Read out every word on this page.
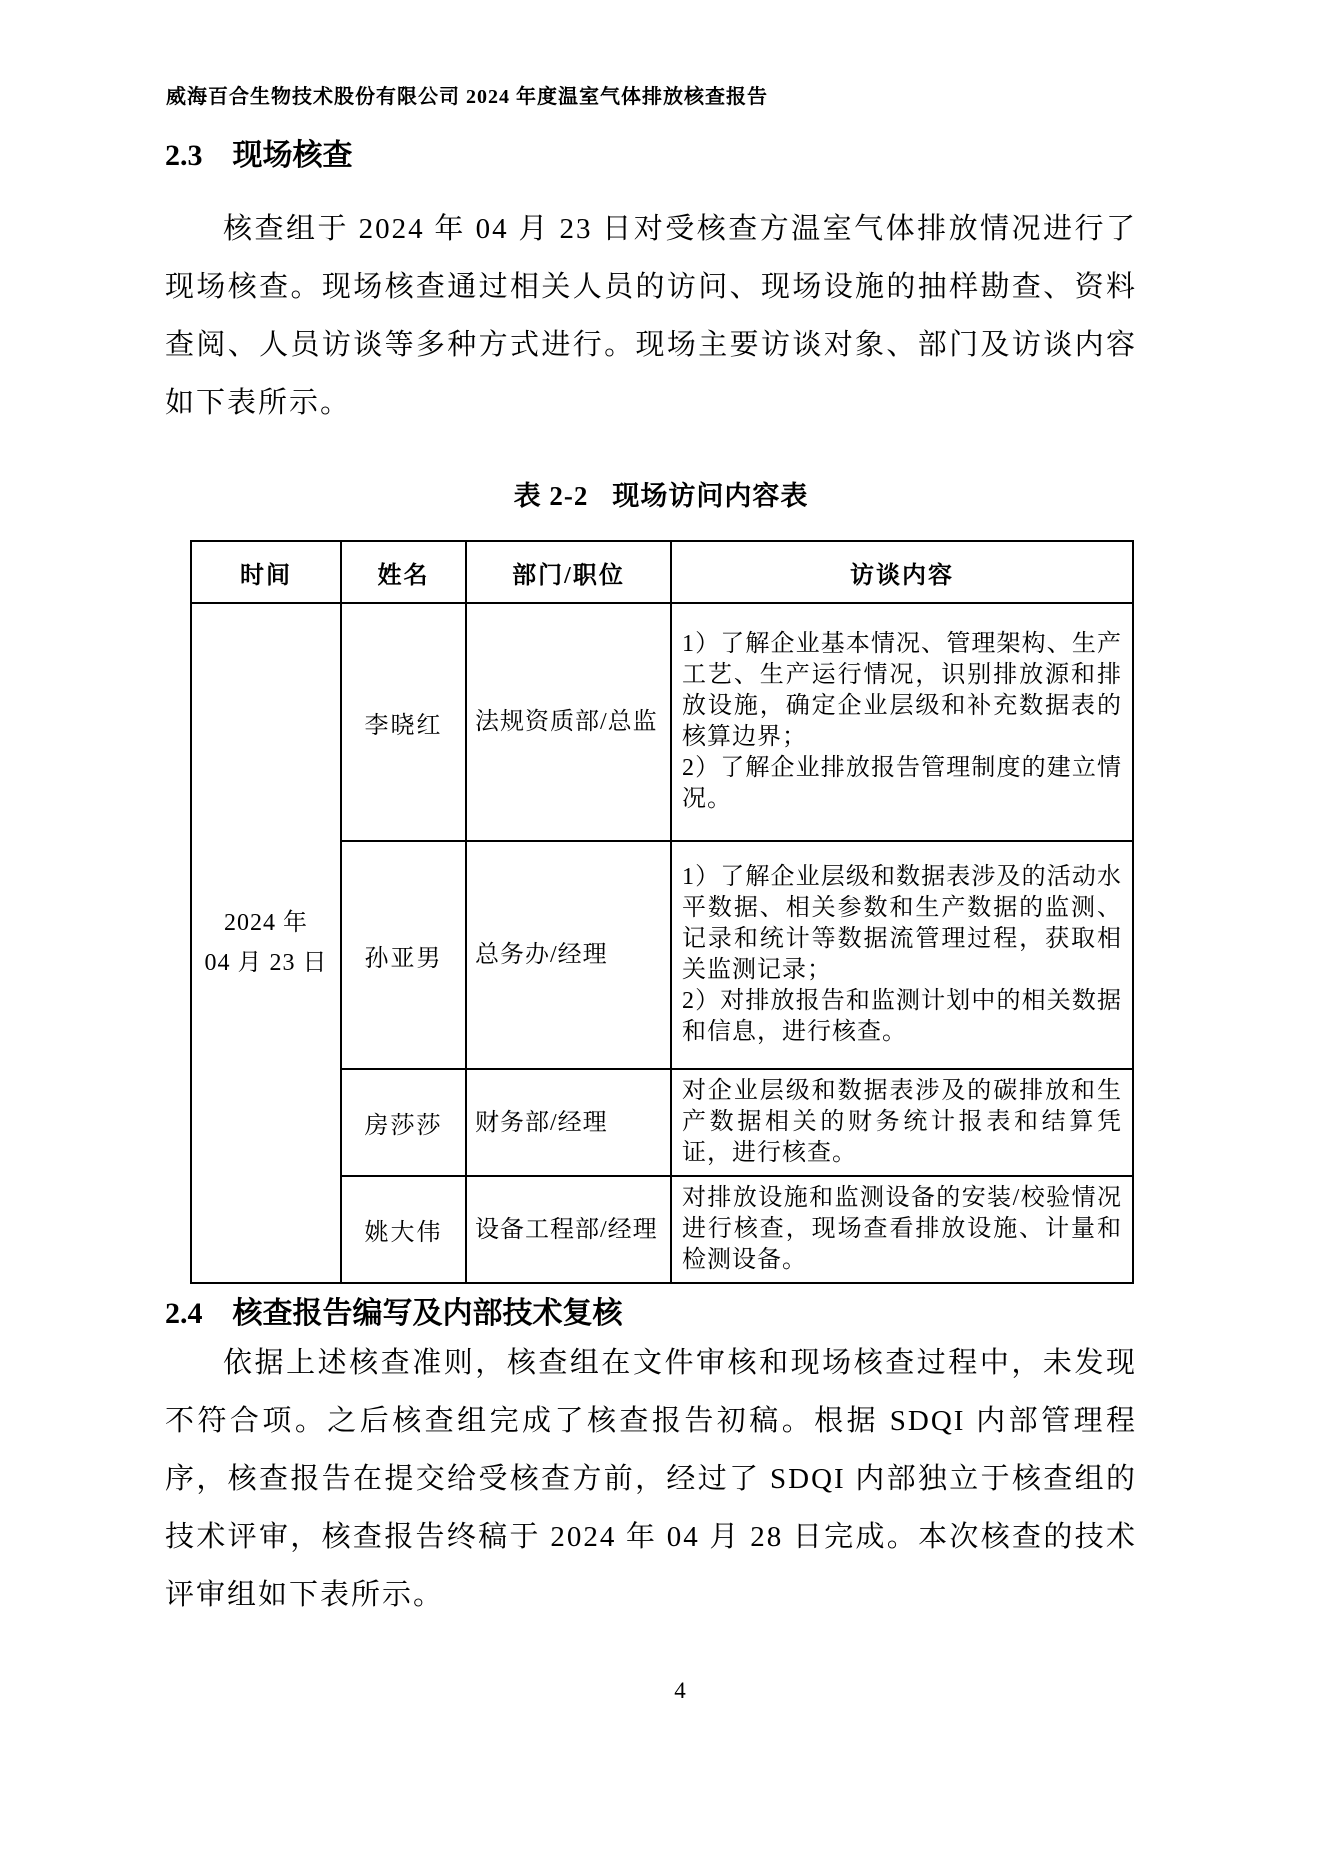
威海百合生物技术股份有限公司 2024 年度温室气体排放核查报告
2.3 现场核查

核查组于 2024 年 04 月 23 日对受核查方温室气体排放情况进行了现场核查。现场核查通过相关人员的访问、现场设施的抽样勘查、资料查阅、人员访谈等多种方式进行。现场主要访谈对象、部门及访谈内容如下表所示。

表 2-2 现场访问内容表
时间	姓名	部门/职位	访谈内容

2024 年
04 月 23 日
	李晓红	法规资质部/总监	1）了解企业基本情况、管理架构、生产工艺、生产运行情况，识别排放源和排放设施，确定企业层级和补充数据表的核算边界；
2）了解企业排放报告管理制度的建立情况。
	孙亚男	总务办/经理	1）了解企业层级和数据表涉及的活动水平数据、相关参数和生产数据的监测、记录和统计等数据流管理过程，获取相关监测记录；
2）对排放报告和监测计划中的相关数据和信息，进行核查。
	房莎莎	财务部/经理	对企业层级和数据表涉及的碳排放和生产数据相关的财务统计报表和结算凭证，进行核查。
	姚大伟	设备工程部/经理	对排放设施和监测设备的安装/校验情况进行核查，现场查看排放设施、计量和检测设备。
2.4 核查报告编写及内部技术复核

依据上述核查准则，核查组在文件审核和现场核查过程中，未发现不符合项。之后核查组完成了核查报告初稿。根据 SDQI 内部管理程序，核查报告在提交给受核查方前，经过了 SDQI 内部独立于核查组的技术评审，核查报告终稿于 2024 年 04 月 28 日完成。本次核查的技术评审组如下表所示。

4
